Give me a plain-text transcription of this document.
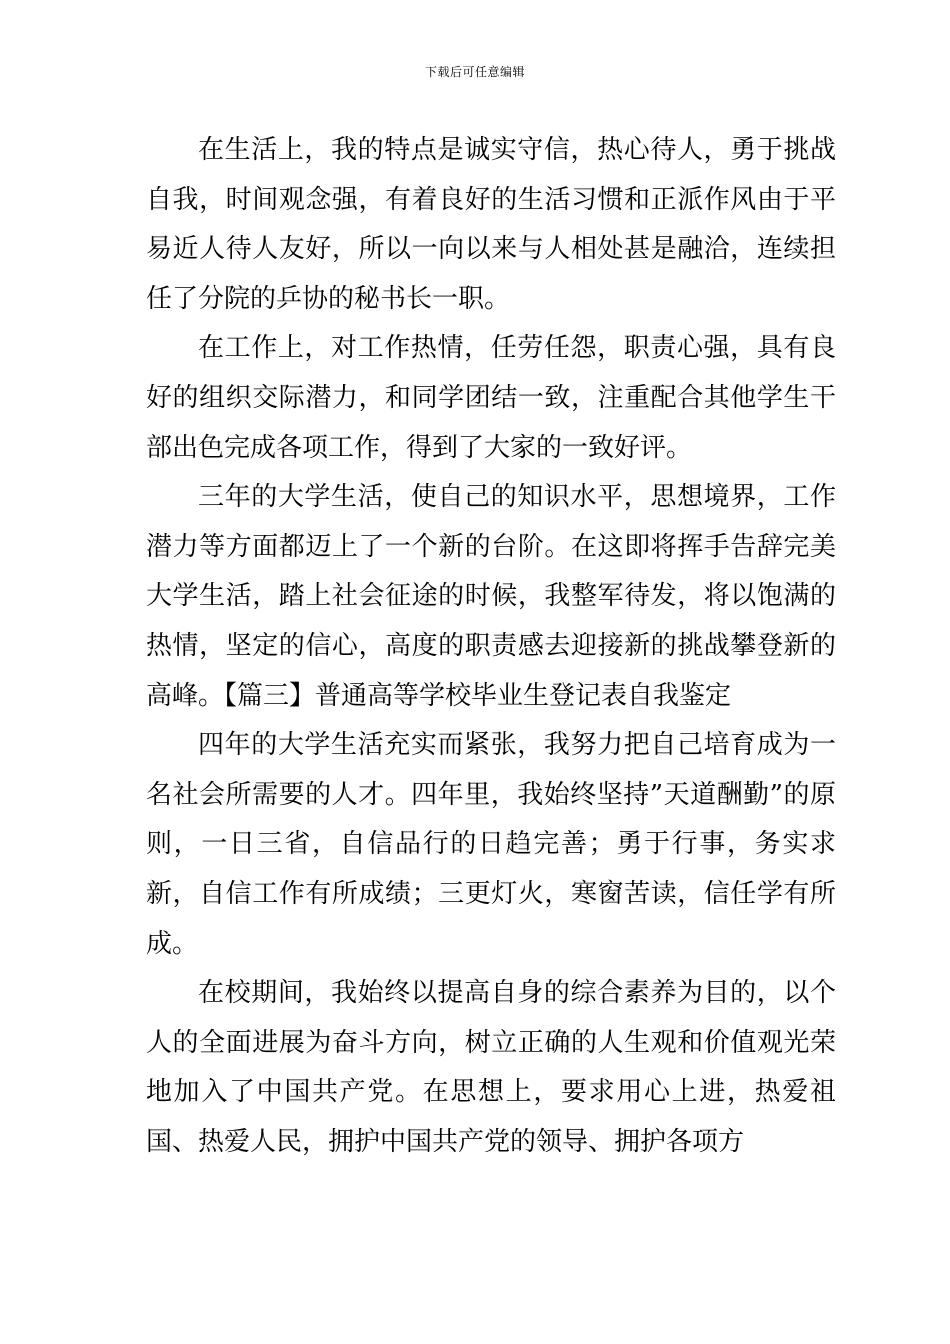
下载后可任意编辑

在生活上，我的特点是诚实守信，热心待人，勇于挑战自我，时间观念强，有着良好的生活习惯和正派作风由于平易近人待人友好，所以一向以来与人相处甚是融洽，连续担任了分院的乒协的秘书长一职。

在工作上，对工作热情，任劳任怨，职责心强，具有良好的组织交际潜力，和同学团结一致，注重配合其他学生干部出色完成各项工作，得到了大家的一致好评。

三年的大学生活，使自己的知识水平，思想境界，工作潜力等方面都迈上了一个新的台阶。在这即将挥手告辞完美大学生活，踏上社会征途的时候，我整军待发，将以饱满的热情，坚定的信心，高度的职责感去迎接新的挑战攀登新的高峰。【篇三】普通高等学校毕业生登记表自我鉴定

四年的大学生活充实而紧张，我努力把自己培育成为一名社会所需要的人才。四年里，我始终坚持”天道酬勤”的原则，一日三省，自信品行的日趋完善；勇于行事，务实求新，自信工作有所成绩；三更灯火，寒窗苦读，信任学有所成。

在校期间，我始终以提高自身的综合素养为目的，以个人的全面进展为奋斗方向，树立正确的人生观和价值观光荣地加入了中国共产党。在思想上，要求用心上进，热爱祖国、热爱人民，拥护中国共产党的领导、拥护各项方
